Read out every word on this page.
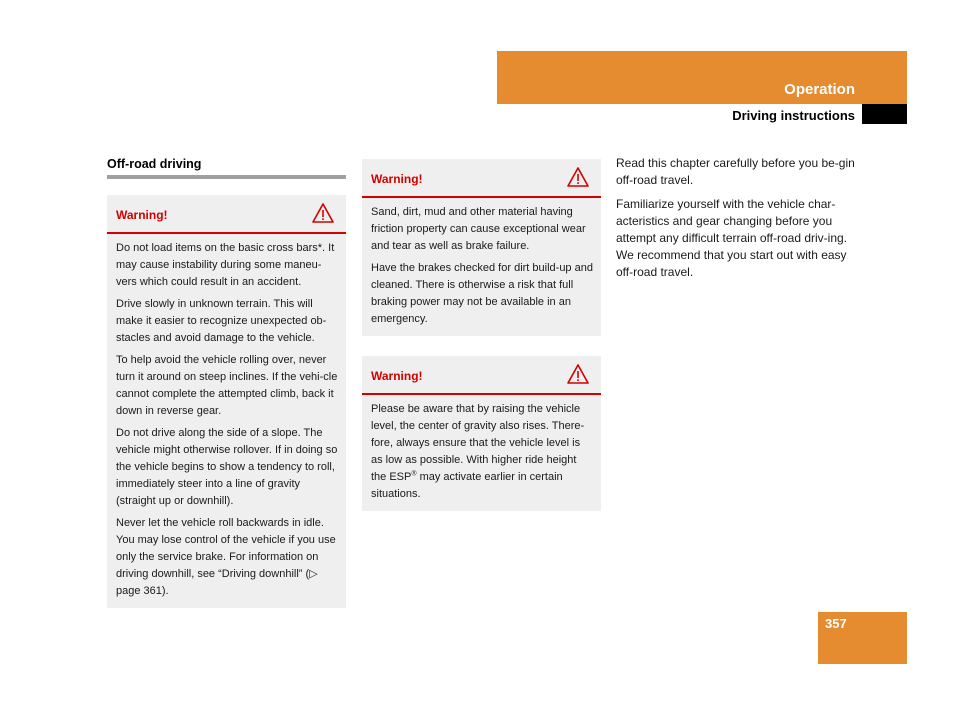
Operation
Driving instructions
Off-road driving
Warning!

Do not load items on the basic cross bars*. It may cause instability during some maneu-vers which could result in an accident.

Drive slowly in unknown terrain. This will make it easier to recognize unexpected ob-stacles and avoid damage to the vehicle.

To help avoid the vehicle rolling over, never turn it around on steep inclines. If the vehi-cle cannot complete the attempted climb, back it down in reverse gear.

Do not drive along the side of a slope. The vehicle might otherwise rollover. If in doing so the vehicle begins to show a tendency to roll, immediately steer into a line of gravity (straight up or downhill).

Never let the vehicle roll backwards in idle. You may lose control of the vehicle if you use only the service brake. For information on driving downhill, see “Driving downhill” (▷ page 361).

Warning!

Sand, dirt, mud and other material having friction property can cause exceptional wear and tear as well as brake failure.

Have the brakes checked for dirt build-up and cleaned. There is otherwise a risk that full braking power may not be available in an emergency.

Warning!

Please be aware that by raising the vehicle level, the center of gravity also rises. There-fore, always ensure that the vehicle level is as low as possible. With higher ride height the ESP® may activate earlier in certain situations.

Read this chapter carefully before you be-gin off-road travel.

Familiarize yourself with the vehicle char-acteristics and gear changing before you attempt any difficult terrain off-road driv-ing. We recommend that you start out with easy off-road travel.

357
